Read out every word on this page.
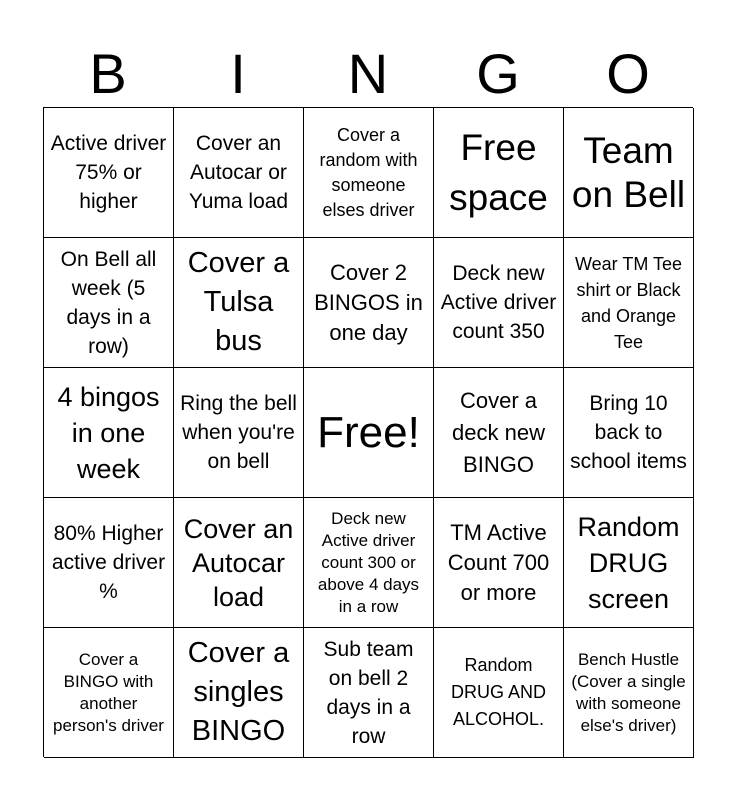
B	I	N	G	O
Active driver 75% or higher
Cover an Autocar or Yuma load
Cover a random with someone elses driver
Free space
Team on Bell
On Bell all week (5 days in a row)
Cover a Tulsa bus
Cover 2 BINGOS in one day
Deck new Active driver count 350
Wear TM Tee shirt or Black and Orange Tee
4 bingos in one week
Ring the bell when you're on bell
Free!
Cover a deck new BINGO
Bring 10 back to school items
80% Higher active driver %
Cover an Autocar load
Deck new Active driver count 300 or above 4 days in a row
TM Active Count 700 or more
Random DRUG screen
Cover a BINGO with another person's driver
Cover a singles BINGO
Sub team on bell 2 days in a row
Random DRUG AND ALCOHOL.
Bench Hustle (Cover a single with someone else's driver)
